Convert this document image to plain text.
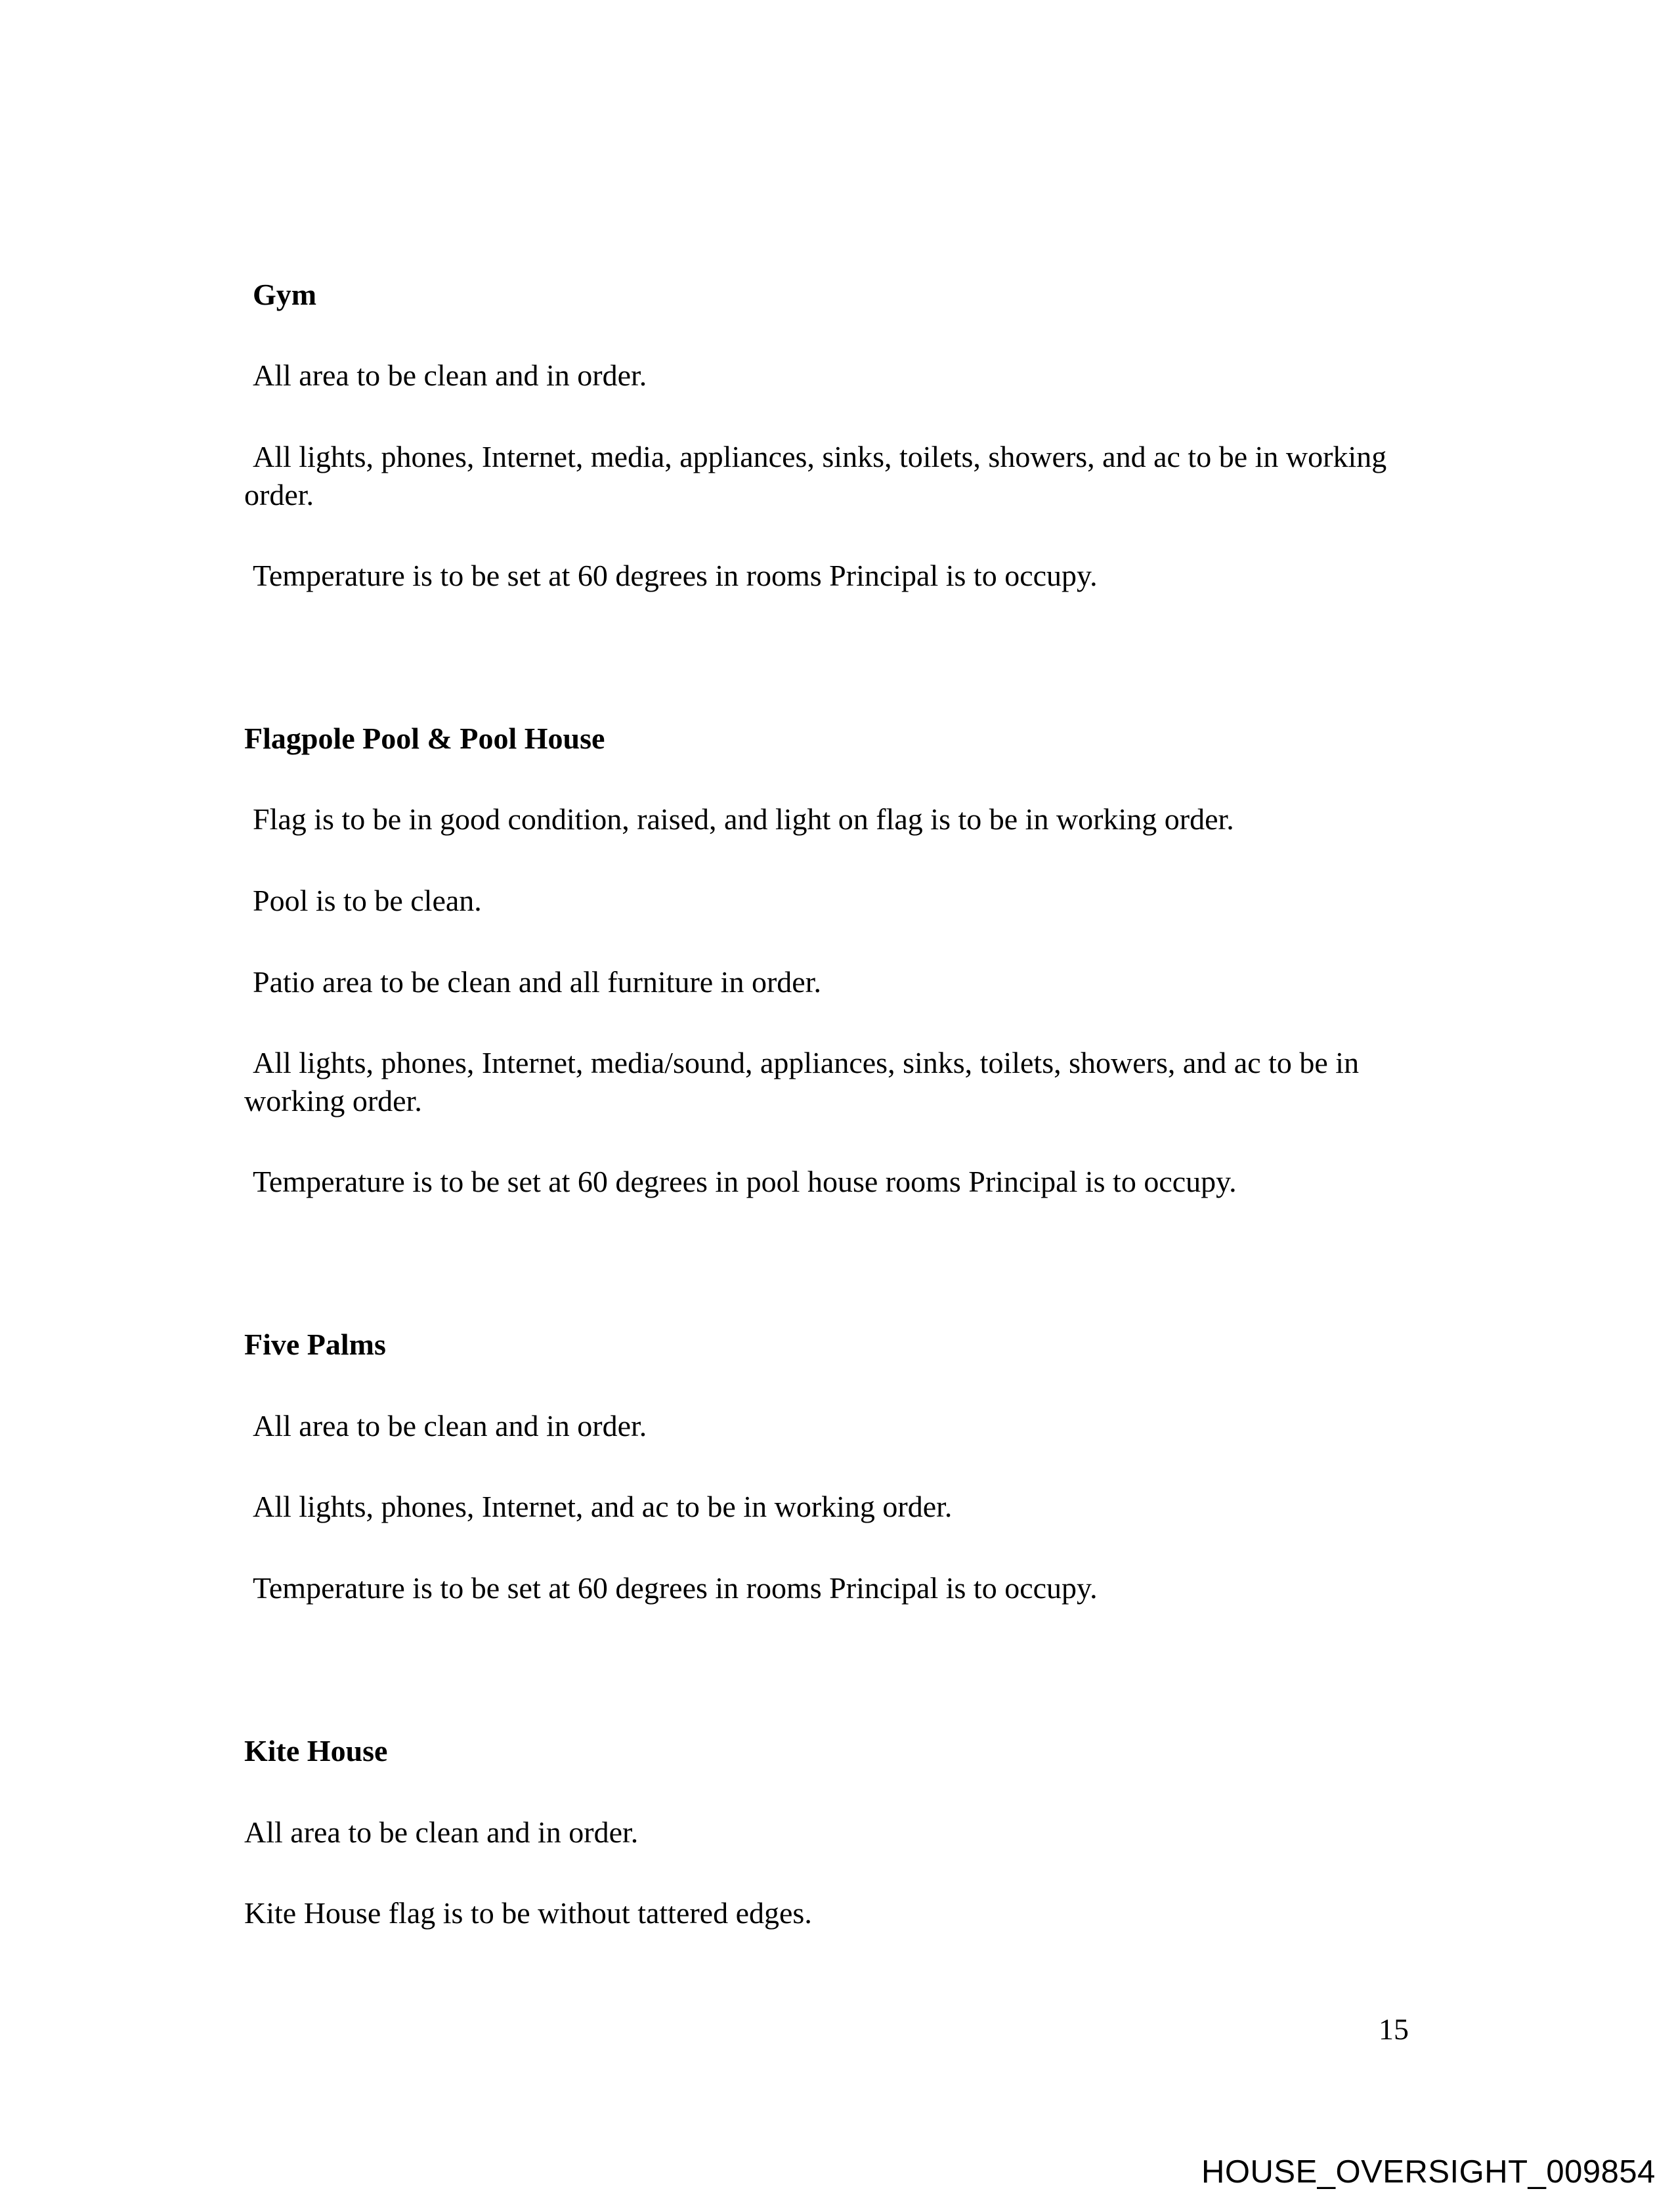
Gym
All area to be clean and in order.
All lights, phones, Internet, media, appliances, sinks, toilets, showers, and ac to be in working order.
Temperature is to be set at 60 degrees in rooms Principal is to occupy.
Flagpole Pool & Pool House
Flag is to be in good condition, raised, and light on flag is to be in working order.
Pool is to be clean.
Patio area to be clean and all furniture in order.
All lights, phones, Internet, media/sound, appliances, sinks, toilets, showers, and ac to be in working order.
Temperature is to be set at 60 degrees in pool house rooms Principal is to occupy.
Five Palms
All area to be clean and in order.
All lights, phones, Internet, and ac to be in working order.
Temperature is to be set at 60 degrees in rooms Principal is to occupy.
Kite House
All area to be clean and in order.
Kite House flag is to be without tattered edges.
15
HOUSE_OVERSIGHT_009854
